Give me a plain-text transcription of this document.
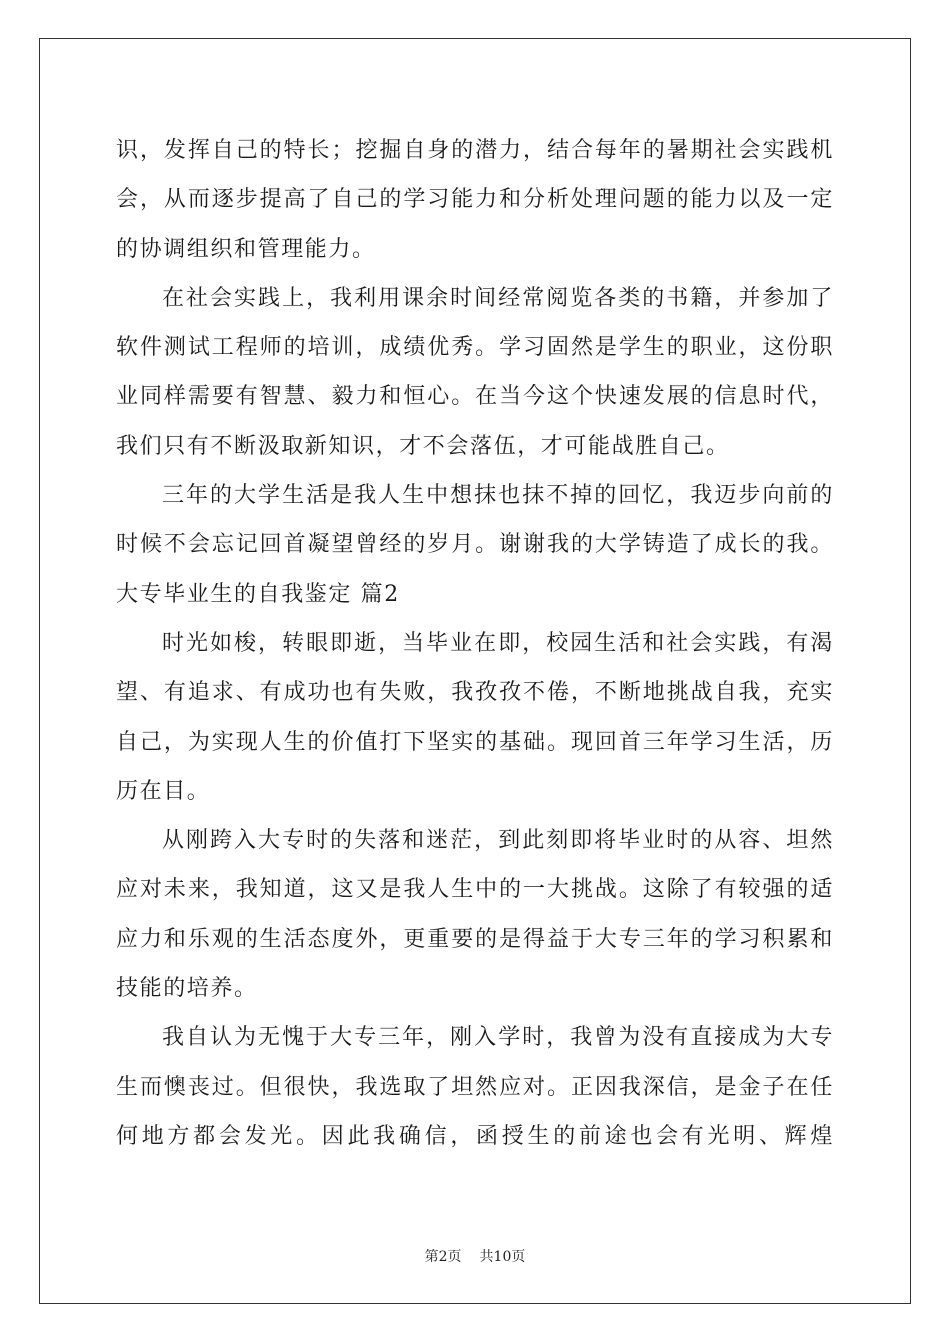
识，发挥自己的特长；挖掘自身的潜力，结合每年的暑期社会实践机
会，从而逐步提高了自己的学习能力和分析处理问题的能力以及一定
的协调组织和管理能力。
在社会实践上，我利用课余时间经常阅览各类的书籍，并参加了
软件测试工程师的培训，成绩优秀。学习固然是学生的职业，这份职
业同样需要有智慧、毅力和恒心。在当今这个快速发展的信息时代，
我们只有不断汲取新知识，才不会落伍，才可能战胜自己。
三年的大学生活是我人生中想抹也抹不掉的回忆，我迈步向前的
时候不会忘记回首凝望曾经的岁月。谢谢我的大学铸造了成长的我。
大专毕业生的自我鉴定 篇2
时光如梭，转眼即逝，当毕业在即，校园生活和社会实践，有渴
望、有追求、有成功也有失败，我孜孜不倦，不断地挑战自我，充实
自己，为实现人生的价值打下坚实的基础。现回首三年学习生活，历
历在目。
从刚跨入大专时的失落和迷茫，到此刻即将毕业时的从容、坦然
应对未来，我知道，这又是我人生中的一大挑战。这除了有较强的适
应力和乐观的生活态度外，更重要的是得益于大专三年的学习积累和
技能的培养。
我自认为无愧于大专三年，刚入学时，我曾为没有直接成为大专
生而懊丧过。但很快，我选取了坦然应对。正因我深信，是金子在任
何地方都会发光。因此我确信，函授生的前途也会有光明、辉煌
第2页 共10页
